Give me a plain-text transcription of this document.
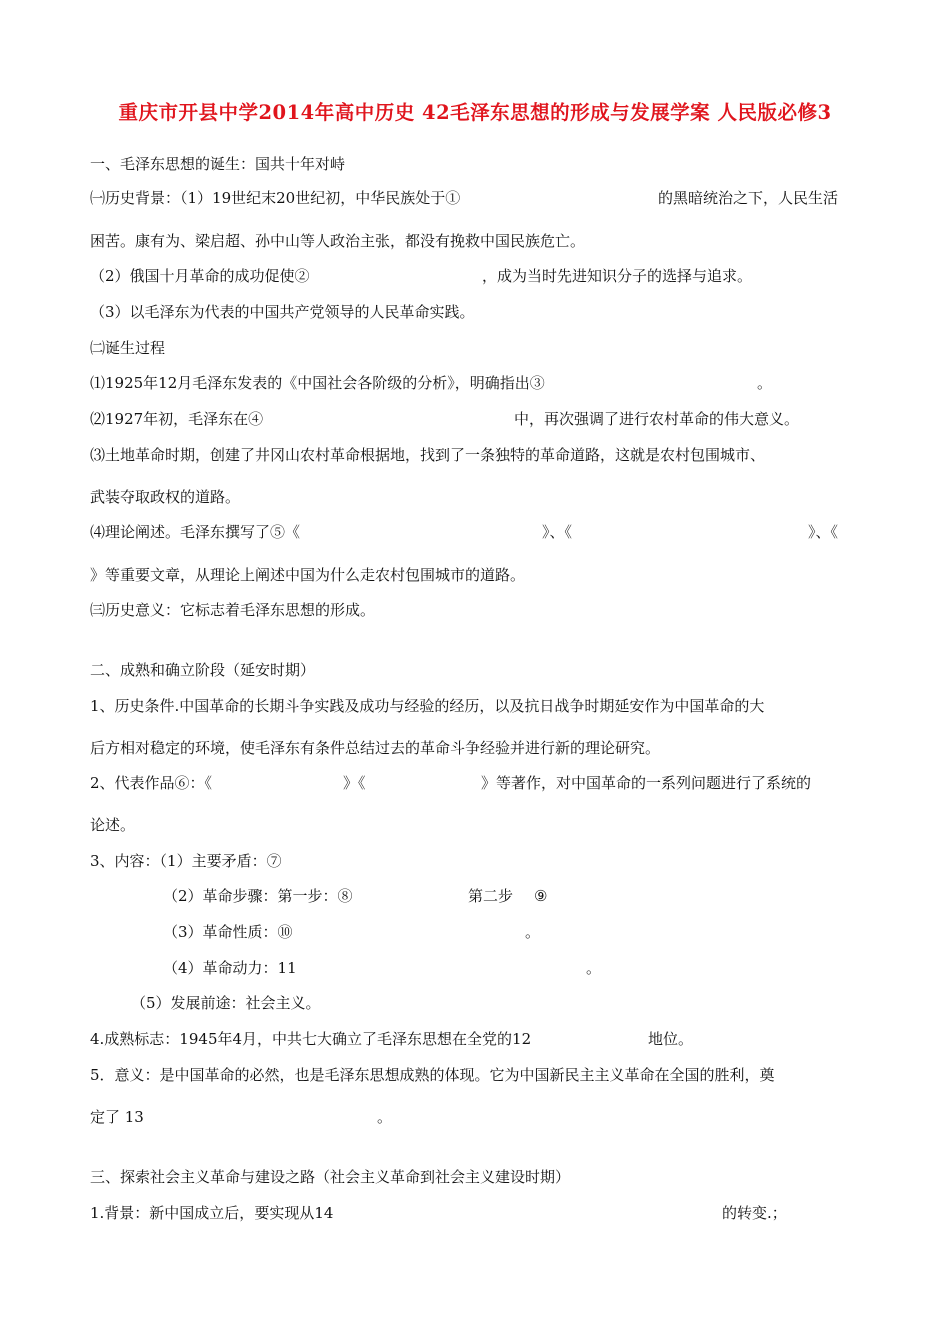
重庆市开县中学2014年高中历史 42毛泽东思想的形成与发展学案 人民版必修3
一、毛泽东思想的诞生：国共十年对峙
㈠历史背景：（1）19世纪末20世纪初，中华民族处于①	的黑暗统治之下，人民生活
困苦。康有为、梁启超、孙中山等人政治主张，都没有挽救中国民族危亡。
（2）俄国十月革命的成功促使②	，成为当时先进知识分子的选择与追求。
（3）以毛泽东为代表的中国共产党领导的人民革命实践。
㈡诞生过程
⑴1925年12月毛泽东发表的《中国社会各阶级的分析》，明确指出③	。
⑵1927年初，毛泽东在④	中，再次强调了进行农村革命的伟大意义。
⑶土地革命时期，创建了井冈山农村革命根据地，找到了一条独特的革命道路，这就是农村包围城市、
武装夺取政权的道路。
⑷理论阐述。毛泽东撰写了⑤《	》、《	》、《
》等重要文章，从理论上阐述中国为什么走农村包围城市的道路。
㈢历史意义：它标志着毛泽东思想的形成。
二、成熟和确立阶段（延安时期）
1、历史条件.中国革命的长期斗争实践及成功与经验的经历，以及抗日战争时期延安作为中国革命的大
后方相对稳定的环境，使毛泽东有条件总结过去的革命斗争经验并进行新的理论研究。
2、代表作品⑥：《	》《	》等著作，对中国革命的一系列问题进行了系统的
论述。
3、内容：（1）主要矛盾：⑦
（2）革命步骤：第一步：⑧	第二步 ⑨
（3）革命性质：⑩	。
（4）革命动力：11	。
（5）发展前途：社会主义。
4.成熟标志：1945年4月，中共七大确立了毛泽东思想在全党的12	地位。
5．意义：是中国革命的必然，也是毛泽东思想成熟的体现。它为中国新民主主义革命在全国的胜利，奠
定了 13	。
三、探索社会主义革命与建设之路（社会主义革命到社会主义建设时期）
1.背景：新中国成立后，要实现从14	的转变.；
